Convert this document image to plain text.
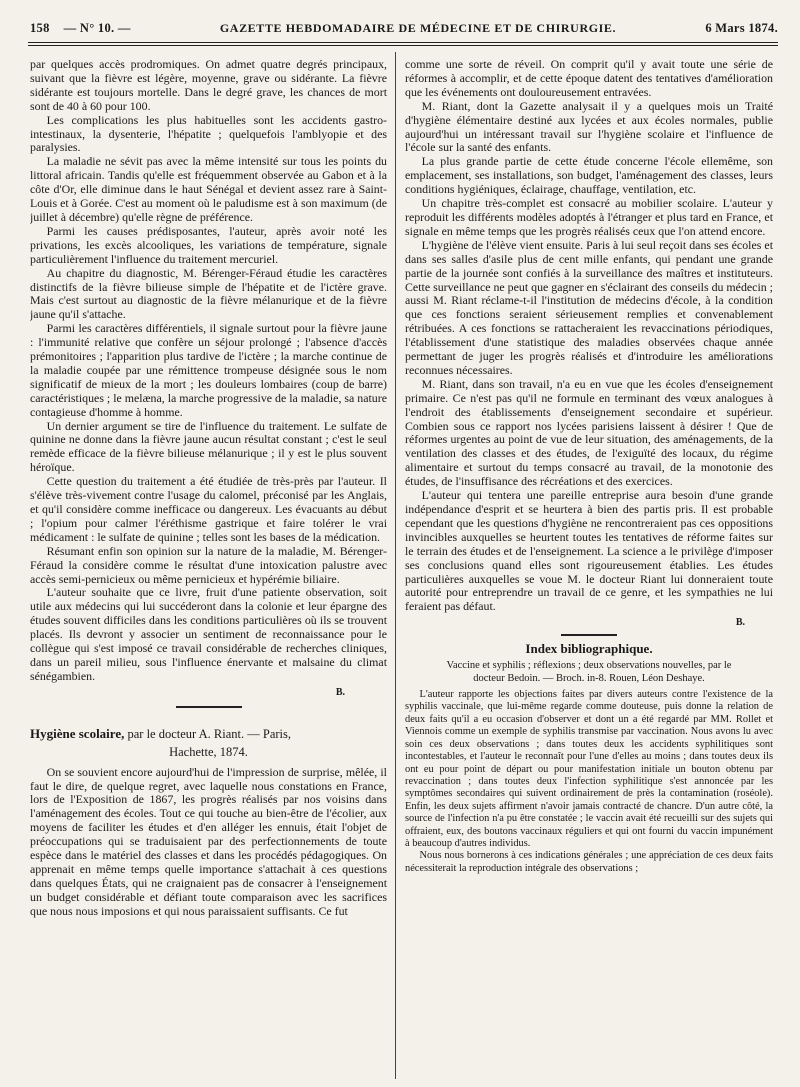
158 — N° 10. —	GAZETTE HEBDOMADAIRE DE MÉDECINE ET DE CHIRURGIE.	6 Mars 1874.

par quelques accès prodromiques. On admet quatre degrés principaux, suivant que la fièvre est légère, moyenne, grave ou sidérante. La fièvre sidérante est toujours mortelle. Dans le degré grave, les chances de mort sont de 40 à 60 pour 100.

Les complications les plus habituelles sont les accidents gastro-intestinaux, la dysenterie, l'hépatite ; quelquefois l'amblyopie et des paralysies.

La maladie ne sévit pas avec la même intensité sur tous les points du littoral africain. Tandis qu'elle est fréquemment observée au Gabon et à la côte d'Or, elle diminue dans le haut Sénégal et devient assez rare à Saint-Louis et à Gorée. C'est au moment où le paludisme est à son maximum (de juillet à décembre) qu'elle règne de préférence.

Parmi les causes prédisposantes, l'auteur, après avoir noté les privations, les excès alcooliques, les variations de température, signale particulièrement l'influence du traitement mercuriel.

Au chapitre du diagnostic, M. Bérenger-Féraud étudie les caractères distinctifs de la fièvre bilieuse simple de l'hépatite et de l'ictère grave. Mais c'est surtout au diagnostic de la fièvre mélanurique et de la fièvre jaune qu'il s'attache.

Parmi les caractères différentiels, il signale surtout pour la fièvre jaune : l'immunité relative que confère un séjour prolongé ; l'absence d'accès prémonitoires ; l'apparition plus tardive de l'ictère ; la marche continue de la maladie coupée par une rémittence trompeuse désignée sous le nom significatif de mieux de la mort ; les douleurs lombaires (coup de barre) caractéristiques ; le melæna, la marche progressive de la maladie, sa nature contagieuse d'homme à homme.

Un dernier argument se tire de l'influence du traitement. Le sulfate de quinine ne donne dans la fièvre jaune aucun résultat constant ; c'est le seul remède efficace de la fièvre bilieuse mélanurique ; il y est le plus souvent héroïque.

Cette question du traitement a été étudiée de très-près par l'auteur. Il s'élève très-vivement contre l'usage du calomel, préconisé par les Anglais, et qu'il considère comme inefficace ou dangereux. Les évacuants au début ; l'opium pour calmer l'éréthisme gastrique et faire tolérer le vrai médicament : le sulfate de quinine ; telles sont les bases de la médication.

Résumant enfin son opinion sur la nature de la maladie, M. Bérenger-Féraud la considère comme le résultat d'une intoxication palustre avec accès semi-pernicieux ou même pernicieux et hypérémie biliaire.

L'auteur souhaite que ce livre, fruit d'une patiente observation, soit utile aux médecins qui lui succéderont dans la colonie et leur épargne des études souvent difficiles dans les conditions particulières où ils se trouvent placés. Ils devront y associer un sentiment de reconnaissance pour le collègue qui s'est imposé ce travail considérable de recherches cliniques, dans un pareil milieu, sous l'influence énervante et malsaine du climat sénégambien.

B.

Hygiène scolaire, par le docteur A. Riant. — Paris,

Hachette, 1874.

On se souvient encore aujourd'hui de l'impression de surprise, mêlée, il faut le dire, de quelque regret, avec laquelle nous constations en France, lors de l'Exposition de 1867, les progrès réalisés par nos voisins dans l'aménagement des écoles. Tout ce qui touche au bien-être de l'écolier, aux moyens de faciliter les études et d'en alléger les ennuis, était l'objet de préoccupations qui se traduisaient par des perfectionnements de toute espèce dans le matériel des classes et dans les procédés pédagogiques. On apprenait en même temps quelle importance s'attachait à ces questions dans quelques États, qui ne craignaient pas de consacrer à l'enseignement un budget considérable et défiant toute comparaison avec les sacrifices que nous nous imposions et qui nous paraissaient suffisants. Ce fut

comme une sorte de réveil. On comprit qu'il y avait toute une série de réformes à accomplir, et de cette époque datent des tentatives d'amélioration que les événements ont douloureusement entravées.

M. Riant, dont la Gazette analysait il y a quelques mois un Traité d'hygiène élémentaire destiné aux lycées et aux écoles normales, publie aujourd'hui un intéressant travail sur l'hygiène scolaire et l'influence de l'école sur la santé des enfants.

La plus grande partie de cette étude concerne l'école ellemême, son emplacement, ses installations, son budget, l'aménagement des classes, leurs conditions hygiéniques, éclairage, chauffage, ventilation, etc.

Un chapitre très-complet est consacré au mobilier scolaire. L'auteur y reproduit les différents modèles adoptés à l'étranger et plus tard en France, et signale en même temps que les progrès réalisés ceux que l'on attend encore.

L'hygiène de l'élève vient ensuite. Paris à lui seul reçoit dans ses écoles et dans ses salles d'asile plus de cent mille enfants, qui pendant une grande partie de la journée sont confiés à la surveillance des maîtres et instituteurs. Cette surveillance ne peut que gagner en s'éclairant des conseils du médecin ; aussi M. Riant réclame-t-il l'institution de médecins d'école, à la condition que ces fonctions seraient sérieusement remplies et convenablement rétribuées. A ces fonctions se rattacheraient les revaccinations périodiques, l'établissement d'une statistique des maladies observées chaque année permettant de juger les progrès réalisés et d'introduire les améliorations reconnues nécessaires.

M. Riant, dans son travail, n'a eu en vue que les écoles d'enseignement primaire. Ce n'est pas qu'il ne formule en terminant des vœux analogues à l'endroit des établissements d'enseignement secondaire et supérieur. Combien sous ce rapport nos lycées parisiens laissent à désirer ! Que de réformes urgentes au point de vue de leur situation, des aménagements, de la ventilation des classes et des études, de l'exiguïté des locaux, du régime alimentaire et surtout du temps consacré au travail, de la monotonie des études, de l'insuffisance des récréations et des exercices.

L'auteur qui tentera une pareille entreprise aura besoin d'une grande indépendance d'esprit et se heurtera à bien des partis pris. Il est probable cependant que les questions d'hygiène ne rencontreraient pas ces oppositions invincibles auxquelles se heurtent toutes les tentatives de réforme faites sur le terrain des études et de l'enseignement. La science a le privilège d'imposer ses conclusions quand elles sont rigoureusement établies. Les études particulières auxquelles se voue M. le docteur Riant lui donneraient toute autorité pour entreprendre un travail de ce genre, et les sympathies ne lui feraient pas défaut.

B.
Index bibliographique.
Vaccine et syphilis ; réflexions ; deux observations nouvelles, par le
docteur Bedoin. — Broch. in-8. Rouen, Léon Deshaye.

L'auteur rapporte les objections faites par divers auteurs contre l'existence de la syphilis vaccinale, que lui-même regarde comme douteuse, puis donne la relation de deux faits qu'il a eu occasion d'observer et dont un a été regardé par MM. Rollet et Viennois comme un exemple de syphilis transmise par vaccination. Nous avons lu avec soin ces deux observations ; dans toutes deux les accidents syphilitiques sont incontestables, et l'auteur le reconnaît pour l'une d'elles au moins ; dans toutes deux ils ont eu pour point de départ ou pour manifestation initiale un bouton obtenu par revaccination ; dans toutes deux l'infection syphilitique s'est annoncée par les symptômes secondaires qui suivent ordinairement de près la contamination (roséole). Enfin, les deux sujets affirment n'avoir jamais contracté de chancre. D'un autre côté, la source de l'infection n'a pu être constatée ; le vaccin avait été recueilli sur des sujets qui offraient, eux, des boutons vaccinaux réguliers et qui ont fourni du vaccin impunément à beaucoup d'autres individus.

Nous nous bornerons à ces indications générales ; une appréciation de ces deux faits nécessiterait la reproduction intégrale des observations ;
